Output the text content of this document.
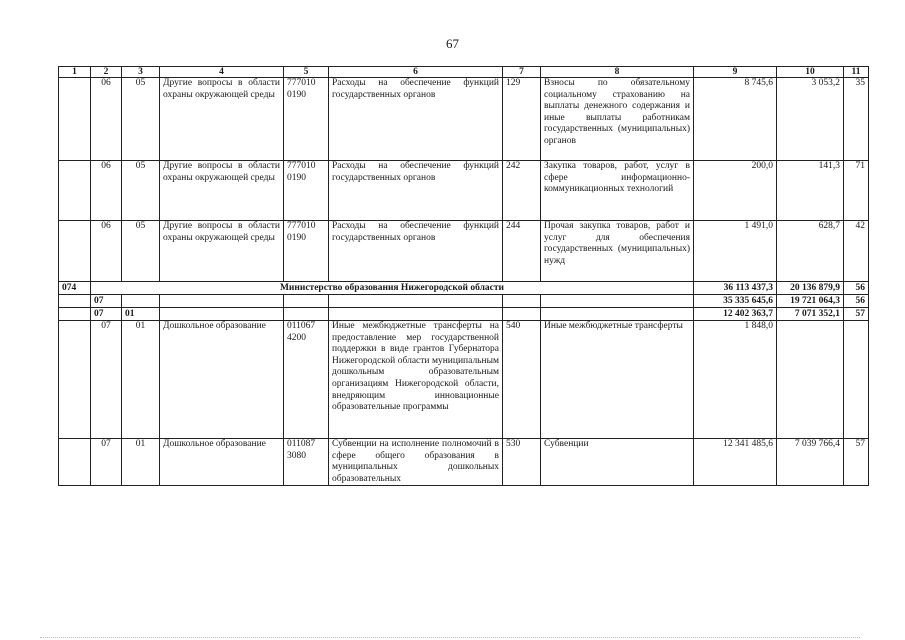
67
1	2	3	4	5	6	7	8	9	10	11
	06	05	Другие вопросы в области охраны окружающей среды	777010 0190	Расходы на обеспечение функций государственных органов	129	Взносы по обязательному социальному страхованию на выплаты денежного содержания и иные выплаты работникам государственных (муниципальных) органов	8 745,6	3 053,2	35
	06	05	Другие вопросы в области охраны окружающей среды	777010 0190	Расходы на обеспечение функций государственных органов	242	Закупка товаров, работ, услуг в сфере информационно-коммуникационных технологий	200,0	141,3	71
	06	05	Другие вопросы в области охраны окружающей среды	777010 0190	Расходы на обеспечение функций государственных органов	244	Прочая закупка товаров, работ и услуг для обеспечения государственных (муниципальных) нужд	1 491,0	628,7	42
074	Министерство образования Нижегородской области							36 113 437,3	20 136 879,9	56
	07							35 335 645,6	19 721 064,3	56
	07	01						12 402 363,7	7 071 352,1	57
	07	01	Дошкольное образование	011067 4200	Иные межбюджетные трансферты на предоставление мер государственной поддержки в виде грантов Губернатора Нижегородской области муниципальным дошкольным образовательным организациям Нижегородской области, внедряющим инновационные образовательные программы	540	Иные межбюджетные трансферты	1 848,0		
	07	01	Дошкольное образование	011087 3080	Субвенции на исполнение полномочий в сфере общего образования в муниципальных дошкольных образовательных	530	Субвенции	12 341 485,6	7 039 766,4	57
